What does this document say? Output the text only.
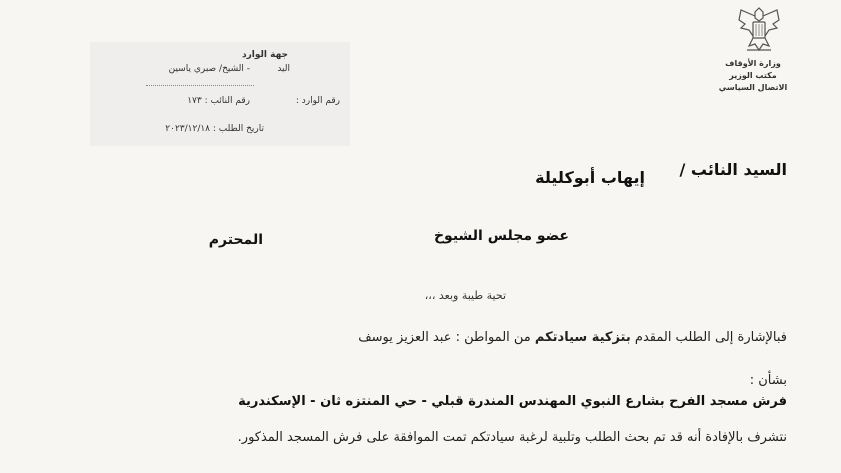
وزارة الأوقاف
مكتب الوزير
الاتصال السياسي
جهة الوارد
اليد
- الشيخ/ صبري ياسين
رقم الوارد :
رقم النائب : ١٧٣
تاريخ الطلب : ٢٠٢٣/١٢/١٨
السيد النائب /
إيهاب أبوكليلة
عضو مجلس الشيوخ
المحترم
تحية طيبة وبعد ،،،
فبالإشارة إلى الطلب المقدم بتزكية سيادتكم من المواطن : عبد العزيز يوسف
بشأن :
فرش مسجد الفرح بشارع النبوي المهندس المندرة قبلي - حي المنتزه ثان - الإسكندرية
نتشرف بالإفادة أنه قد تم بحث الطلب وتلبية لرغبة سيادتكم تمت الموافقة على فرش المسجد المذكور.
